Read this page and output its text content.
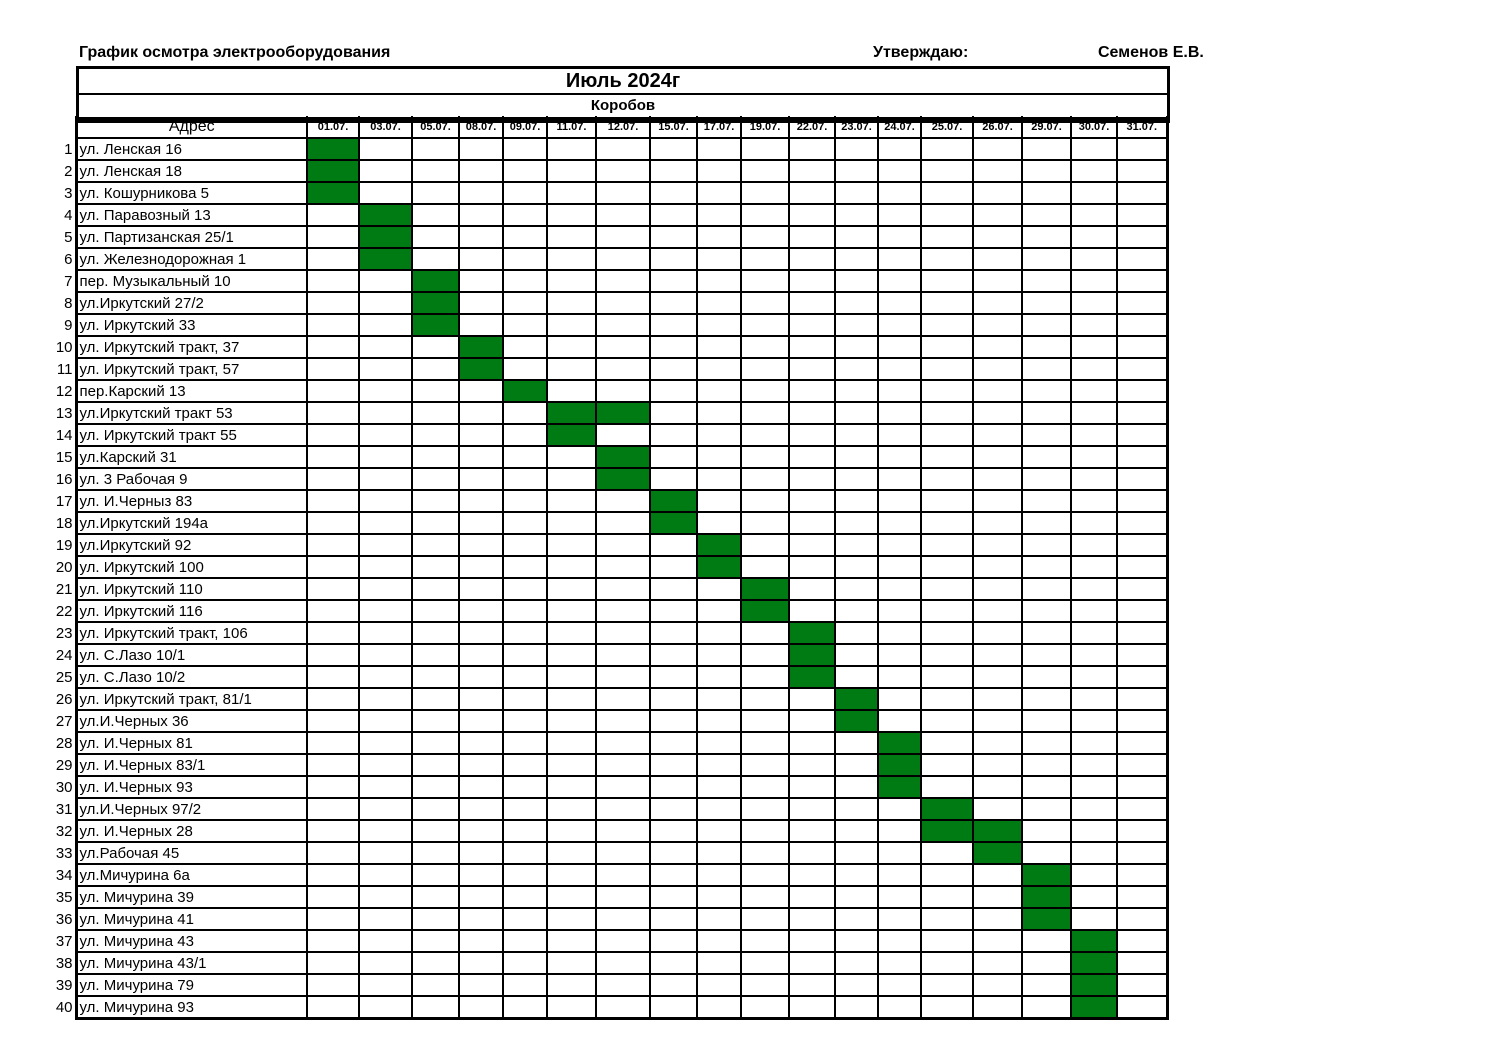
График осмотра электрооборудования	Утверждаю:	Семенов Е.В.
Июль 2024г
Коробов
	Адрес	01.07.	03.07.	05.07.	08.07.	09.07.	11.07.	12.07.	15.07.	17.07.	19.07.	22.07.	23.07.	24.07.	25.07.	26.07.	29.07.	30.07.	31.07.
1	ул. Ленская 16																		
2	ул. Ленская 18																		
3	ул. Кошурникова 5																		
4	ул. Паравозный 13																		
5	ул. Партизанская 25/1																		
6	ул. Железнодорожная 1																		
7	пер. Музыкальный 10																		
8	ул.Иркутский 27/2																		
9	ул. Иркутский 33																		
10	ул. Иркутский тракт, 37																		
11	ул. Иркутский тракт, 57																		
12	пер.Карский 13																		
13	ул.Иркутский тракт 53																		
14	ул. Иркутский тракт 55																		
15	ул.Карский 31																		
16	ул. 3 Рабочая 9																		
17	ул. И.Черныз 83																		
18	ул.Иркутский 194а																		
19	ул.Иркутский 92																		
20	ул. Иркутский 100																		
21	ул. Иркутский 110																		
22	ул. Иркутский 116																		
23	ул. Иркутский тракт, 106																		
24	ул. С.Лазо 10/1																		
25	ул. С.Лазо 10/2																		
26	ул. Иркутский тракт, 81/1																		
27	ул.И.Черных 36																		
28	ул. И.Черных 81																		
29	ул. И.Черных 83/1																		
30	ул. И.Черных 93																		
31	ул.И.Черных 97/2																		
32	ул. И.Черных 28																		
33	ул.Рабочая 45																		
34	ул.Мичурина 6а																		
35	ул. Мичурина 39																		
36	ул. Мичурина 41																		
37	ул. Мичурина 43																		
38	ул. Мичурина 43/1																		
39	ул. Мичурина 79																		
40	ул. Мичурина 93																		
